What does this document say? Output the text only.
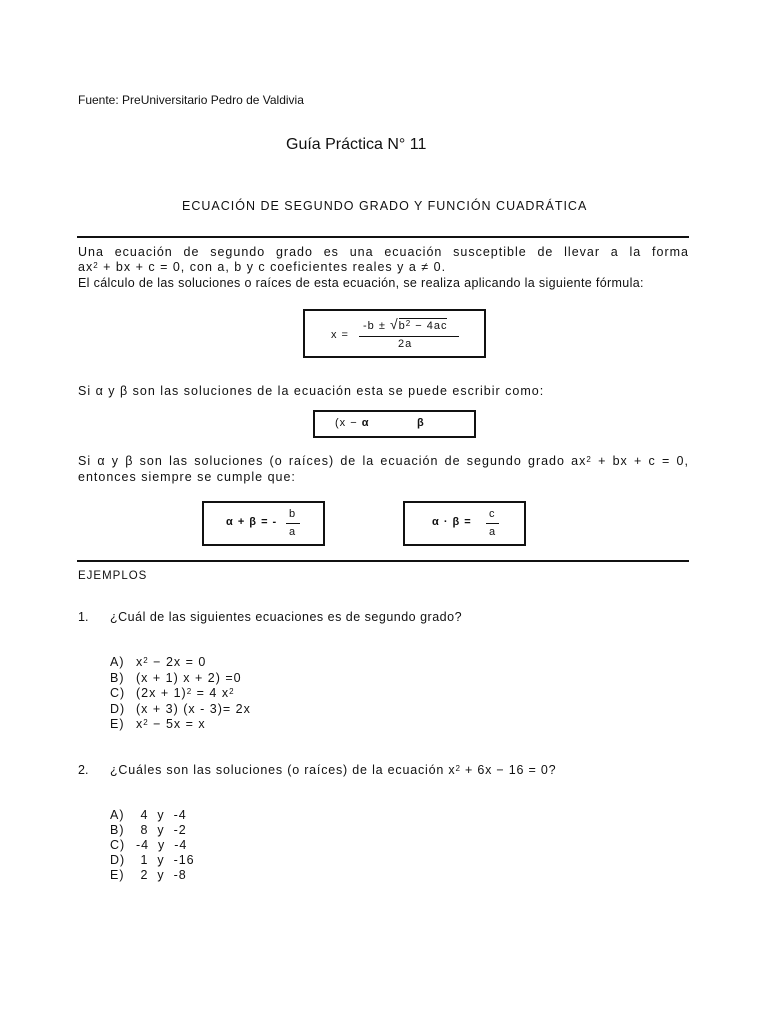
Fuente: PreUniversitario Pedro de Valdivia
Guía Práctica N° 11
ECUACIÓN DE SEGUNDO GRADO Y FUNCIÓN CUADRÁTICA

Una ecuación de segundo grado es una ecuación susceptible de llevar a la forma

$ax^2$ + bx + c = 0, con a, b y c coeficientes reales y a ≠ 0.

El cálculo de las soluciones o raíces de esta ecuación, se realiza aplicando la siguiente fórmula:

x =
$-b \pm √b^2 - 4ac$
2a
Si α y β son las soluciones de la ecuación esta se puede escribir como:
(x − α	β

Si α y β son las soluciones (o raíces) de la ecuación de segundo grado $ax^2$ + bx + c = 0,

entonces siempre se cumple que:

α + β = -
b
a
α · β =
c
a
EJEMPLOS
1. ¿Cuál de las siguientes ecuaciones es de segundo grado?
A) $x^2 - 2x = 0$
B) (x + 1) x + 2) =0
C) $(2x + 1)^2 = 4$ $x^2$
D) (x + 3) (x - 3)= 2x
E) $x^2 - 5x = x$
2. ¿Cuáles son las soluciones (o raíces) de la ecuación $x^2 + 6x - 16 = 0$?
A) 4  y  -4
B) 8  y  -2
C) -4  y  -4
D) 1  y  -16
E) 2  y  -8
